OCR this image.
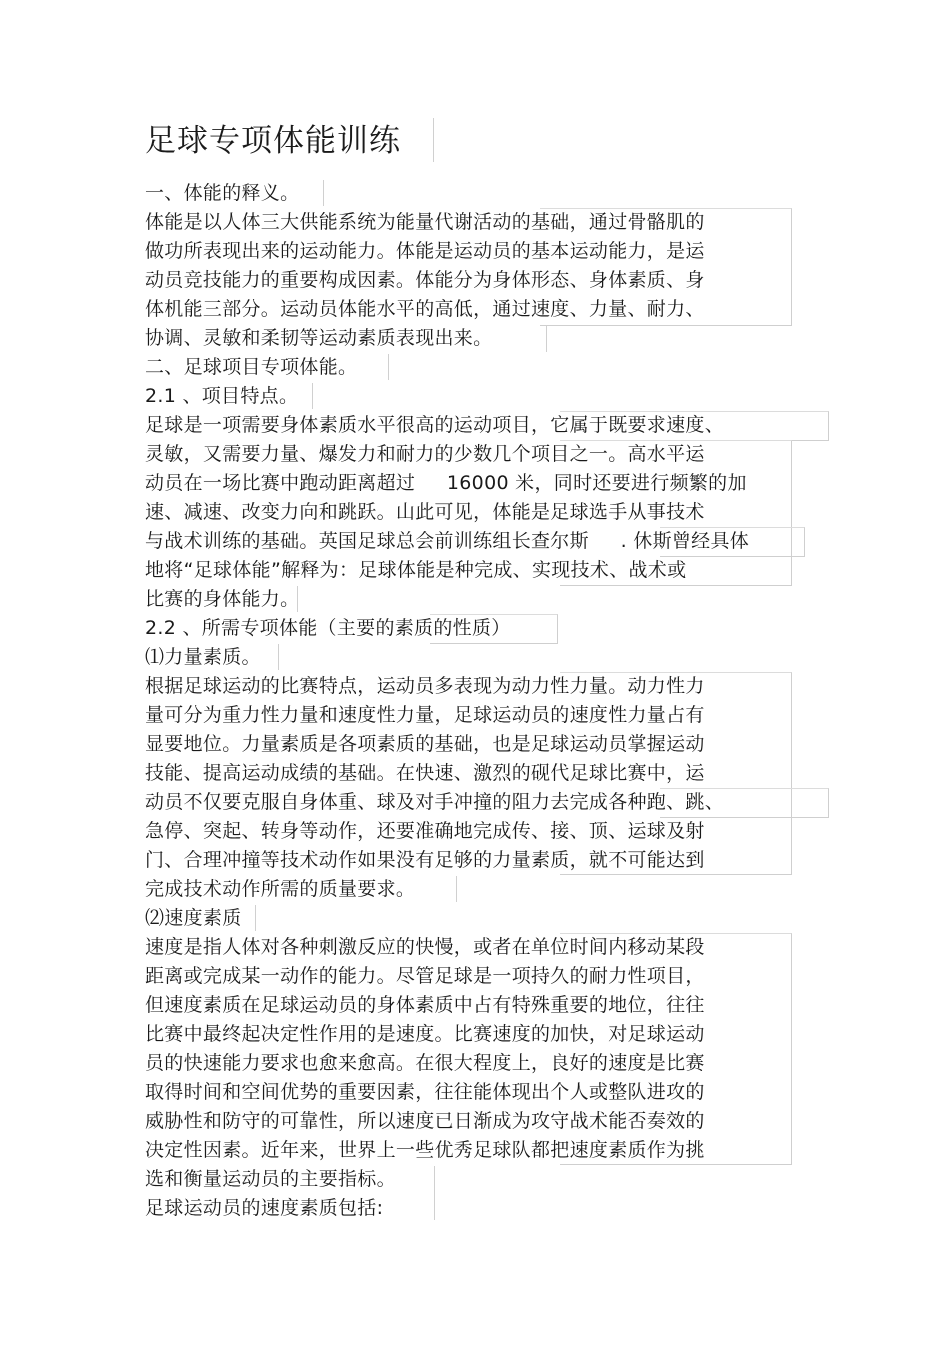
足球专项体能训练
一、体能的释义。
体能是以人体三大供能系统为能量代谢活动的基础，通过骨骼肌的
做功所表现出来的运动能力。体能是运动员的基本运动能力，是运
动员竞技能力的重要构成因素。体能分为身体形态、身体素质、身
体机能三部分。运动员体能水平的高低，通过速度、力量、耐力、
协调、灵敏和柔韧等运动素质表现出来。
二、足球项目专项体能。
2.1 、项目特点。
足球是一项需要身体素质水平很高的运动项目，它属于既要求速度、
灵敏，又需要力量、爆发力和耐力的少数几个项目之一。高水平运
动员在一场比赛中跑动距离超过     16000 米，同时还要进行频繁的加
速、减速、改变力向和跳跃。山此可见，体能是足球选手从事技术
与战术训练的基础。英国足球总会前训练组长查尔斯     . 休斯曾经具体
地将“足球体能”解释为：足球体能是种完成、实现技术、战术或
比赛的身体能力。
2.2 、所需专项体能（主要的素质的性质）
⑴力量素质。
根据足球运动的比赛特点，运动员多表现为动力性力量。动力性力
量可分为重力性力量和速度性力量，足球运动员的速度性力量占有
显要地位。力量素质是各项素质的基础，也是足球运动员掌握运动
技能、提高运动成绩的基础。在快速、激烈的砚代足球比赛中，运
动员不仅要克服自身体重、球及对手冲撞的阻力去完成各种跑、跳、
急停、突起、转身等动作，还要准确地完成传、接、顶、运球及射
门、合理冲撞等技术动作如果没有足够的力量素质，就不可能达到
完成技术动作所需的质量要求。
⑵速度素质
速度是指人体对各种刺激反应的快慢，或者在单位时间内移动某段
距离或完成某一动作的能力。尽管足球是一项持久的耐力性项目，
但速度素质在足球运动员的身体素质中占有特殊重要的地位，往往
比赛中最终起决定性作用的是速度。比赛速度的加快，对足球运动
员的快速能力要求也愈来愈高。在很大程度上，良好的速度是比赛
取得时间和空间优势的重要因素，往往能体现出个人或整队进攻的
威胁性和防守的可靠性，所以速度已日渐成为攻守战术能否奏效的
决定性因素。近年来，世界上一些优秀足球队都把速度素质作为挑
选和衡量运动员的主要指标。
足球运动员的速度素质包括:
